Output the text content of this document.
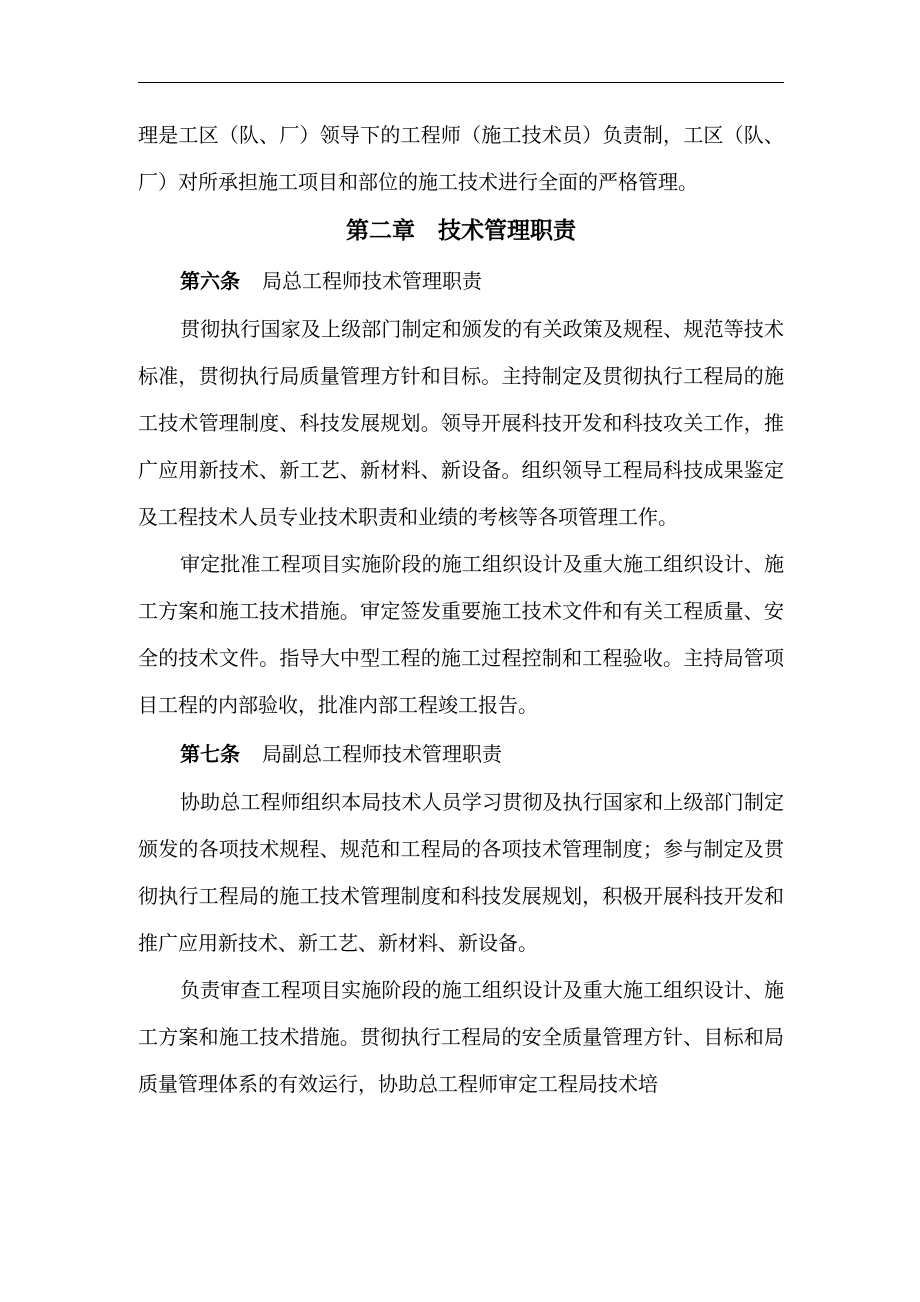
理是工区（队、厂）领导下的工程师（施工技术员）负责制，工区（队、厂）对所承担施工项目和部位的施工技术进行全面的严格管理。

第二章　技术管理职责

第六条 局总工程师技术管理职责

贯彻执行国家及上级部门制定和颁发的有关政策及规程、规范等技术标准，贯彻执行局质量管理方针和目标。主持制定及贯彻执行工程局的施工技术管理制度、科技发展规划。领导开展科技开发和科技攻关工作，推广应用新技术、新工艺、新材料、新设备。组织领导工程局科技成果鉴定及工程技术人员专业技术职责和业绩的考核等各项管理工作。

审定批准工程项目实施阶段的施工组织设计及重大施工组织设计、施工方案和施工技术措施。审定签发重要施工技术文件和有关工程质量、安全的技术文件。指导大中型工程的施工过程控制和工程验收。主持局管项目工程的内部验收，批准内部工程竣工报告。

第七条 局副总工程师技术管理职责

协助总工程师组织本局技术人员学习贯彻及执行国家和上级部门制定颁发的各项技术规程、规范和工程局的各项技术管理制度；参与制定及贯彻执行工程局的施工技术管理制度和科技发展规划，积极开展科技开发和推广应用新技术、新工艺、新材料、新设备。

负责审查工程项目实施阶段的施工组织设计及重大施工组织设计、施工方案和施工技术措施。贯彻执行工程局的安全质量管理方针、目标和局质量管理体系的有效运行，协助总工程师审定工程局技术培
